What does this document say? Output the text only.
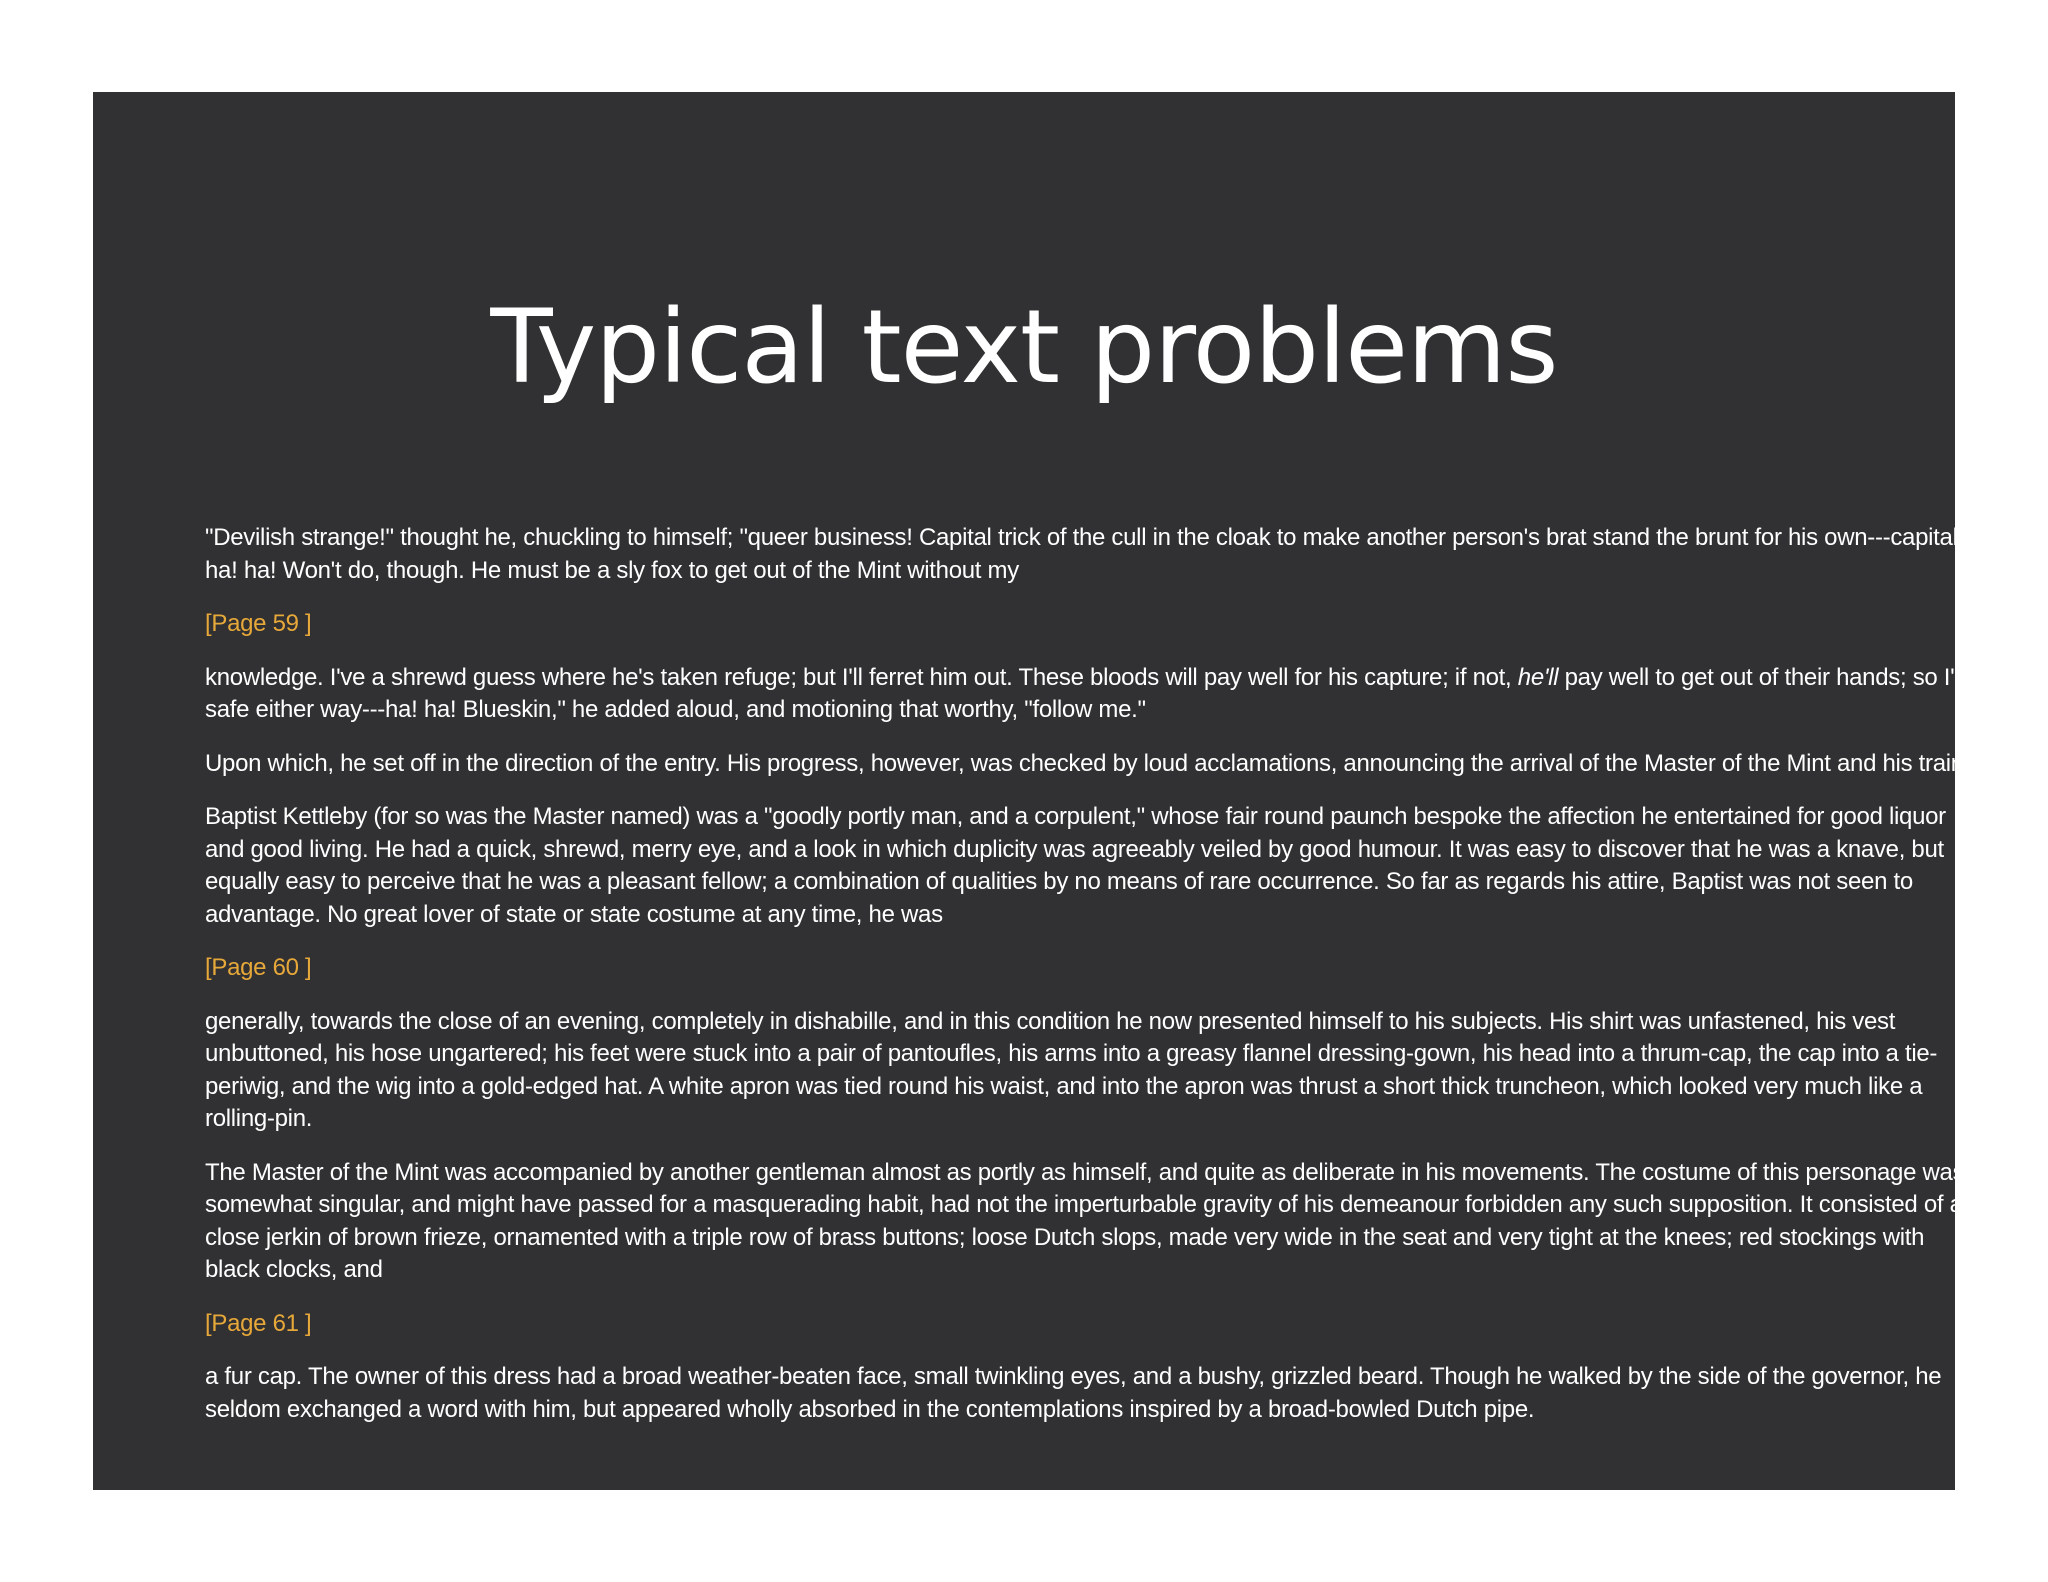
Typical text problems

"Devilish strange!" thought he, chuckling to himself; "queer business! Capital trick of the cull in the cloak to make another person's brat stand the brunt for his own---capital! ha! ha! Won't do, though. He must be a sly fox to get out of the Mint without my

[Page 59 ]

knowledge. I've a shrewd guess where he's taken refuge; but I'll ferret him out. These bloods will pay well for his capture; if not, he'll pay well to get out of their hands; so I'm safe either way---ha! ha! Blueskin," he added aloud, and motioning that worthy, "follow me."

Upon which, he set off in the direction of the entry. His progress, however, was checked by loud acclamations, announcing the arrival of the Master of the Mint and his train.

Baptist Kettleby (for so was the Master named) was a "goodly portly man, and a corpulent," whose fair round paunch bespoke the affection he entertained for good liquor and good living. He had a quick, shrewd, merry eye, and a look in which duplicity was agreeably veiled by good humour. It was easy to discover that he was a knave, but equally easy to perceive that he was a pleasant fellow; a combination of qualities by no means of rare occurrence. So far as regards his attire, Baptist was not seen to advantage. No great lover of state or state costume at any time, he was

[Page 60 ]

generally, towards the close of an evening, completely in dishabille, and in this condition he now presented himself to his subjects. His shirt was unfastened, his vest unbuttoned, his hose ungartered; his feet were stuck into a pair of pantoufles, his arms into a greasy flannel dressing-gown, his head into a thrum-cap, the cap into a tie-periwig, and the wig into a gold-edged hat. A white apron was tied round his waist, and into the apron was thrust a short thick truncheon, which looked very much like a rolling-pin.

The Master of the Mint was accompanied by another gentleman almost as portly as himself, and quite as deliberate in his movements. The costume of this personage was somewhat singular, and might have passed for a masquerading habit, had not the imperturbable gravity of his demeanour forbidden any such supposition. It consisted of a close jerkin of brown frieze, ornamented with a triple row of brass buttons; loose Dutch slops, made very wide in the seat and very tight at the knees; red stockings with black clocks, and

[Page 61 ]

a fur cap. The owner of this dress had a broad weather-beaten face, small twinkling eyes, and a bushy, grizzled beard. Though he walked by the side of the governor, he seldom exchanged a word with him, but appeared wholly absorbed in the contemplations inspired by a broad-bowled Dutch pipe.
